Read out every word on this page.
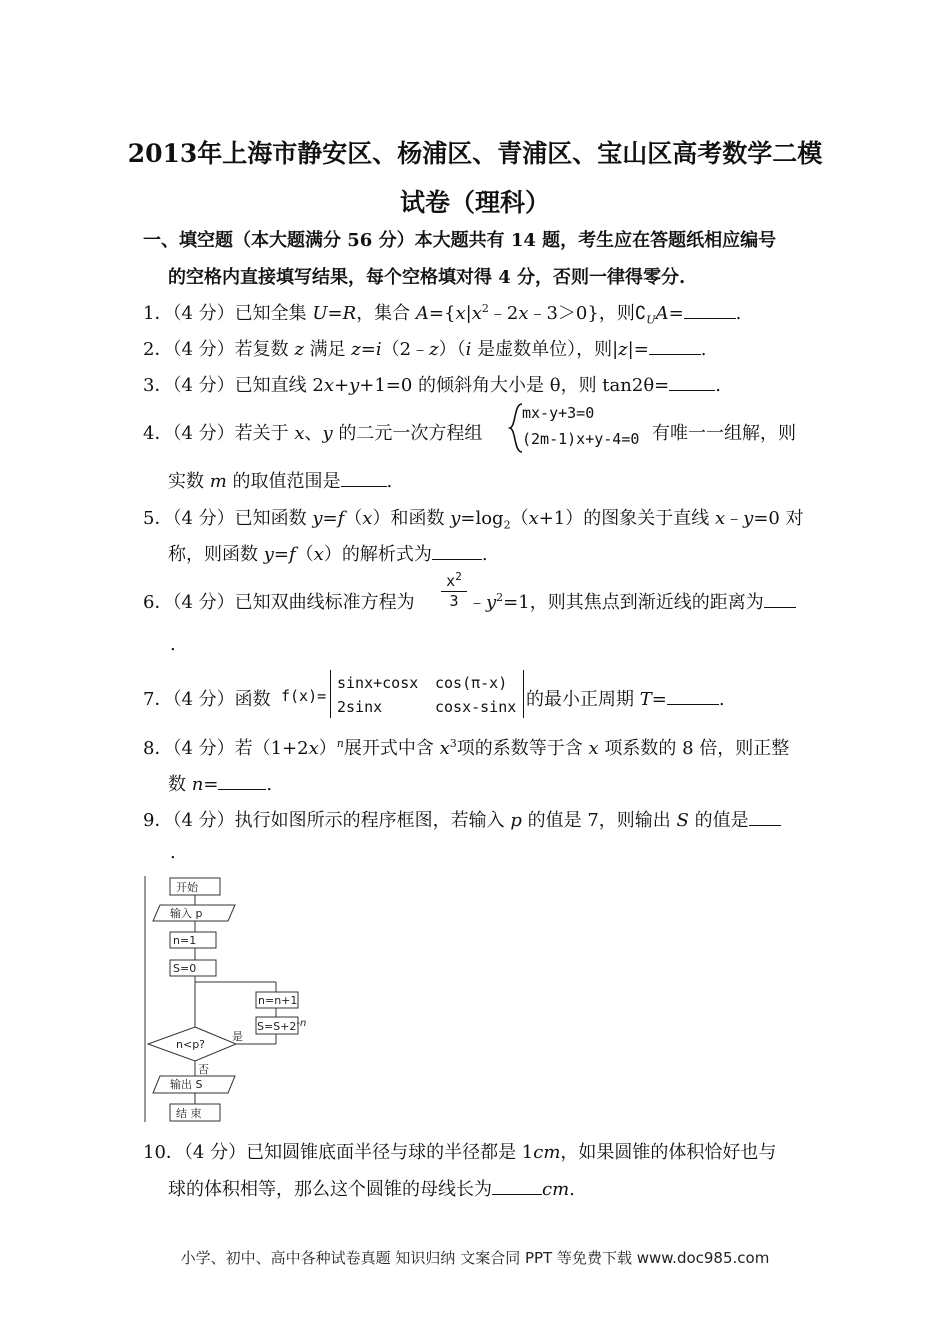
2013年上海市静安区、杨浦区、青浦区、宝山区高考数学二模
试卷（理科）
一、填空题（本大题满分 56 分）本大题共有 14 题，考生应在答题纸相应编号
的空格内直接填写结果，每个空格填对得 4 分，否则一律得零分.
1．（4 分）已知全集 U=R，集合 $A=\{x|x^2﹣2x﹣3>0\}$，则$∁_UA=$	.
2．（4 分）若复数 z 满足 z=i（2﹣z）（i 是虚数单位），则|z|=	.
3．（4 分）已知直线 2x+y+1=0 的倾斜角大小是 θ，则 tan2θ=	.
4．（4 分）若关于 x、y 的二元一次方程组
mx-y+3=0
(2m-1)x+y-4=0 有唯一一组解，则
实数 m 的取值范围是	.
5．（4 分）已知函数 y=f（x）和函数 $y=\log_2(x+1)$的图象关于直线 x﹣y=0 对
称，则函数 y=f（x）的解析式为	.
6．（4 分）已知双曲线标准方程为
$x^2$
3 $﹣y^2=1$，则其焦点到渐近线的距离为
.
7．（4 分）函数 f(x)=
sinx+cosx cos(π-x)
2sinx	cosx-sinx 的最小正周期 T=	.
8．（4 分）若$(1+2x)^n$展开式中含 $x^3$项的系数等于含 x 项系数的 8 倍，则正整
数 n=	.
9．（4 分）执行如图所示的程序框图，若输入 p 的值是 7，则输出 S 的值是
.
开始
输入 p
n=1
S=0
n=n+1
S=S+2-n
n<p?
是
否
输出 S
结 束
10．（4 分）已知圆锥底面半径与球的半径都是 1cm，如果圆锥的体积恰好也与
球的体积相等，那么这个圆锥的母线长为	cm.
小学、初中、高中各种试卷真题 知识归纳 文案合同 PPT 等免费下载 www.doc985.com
